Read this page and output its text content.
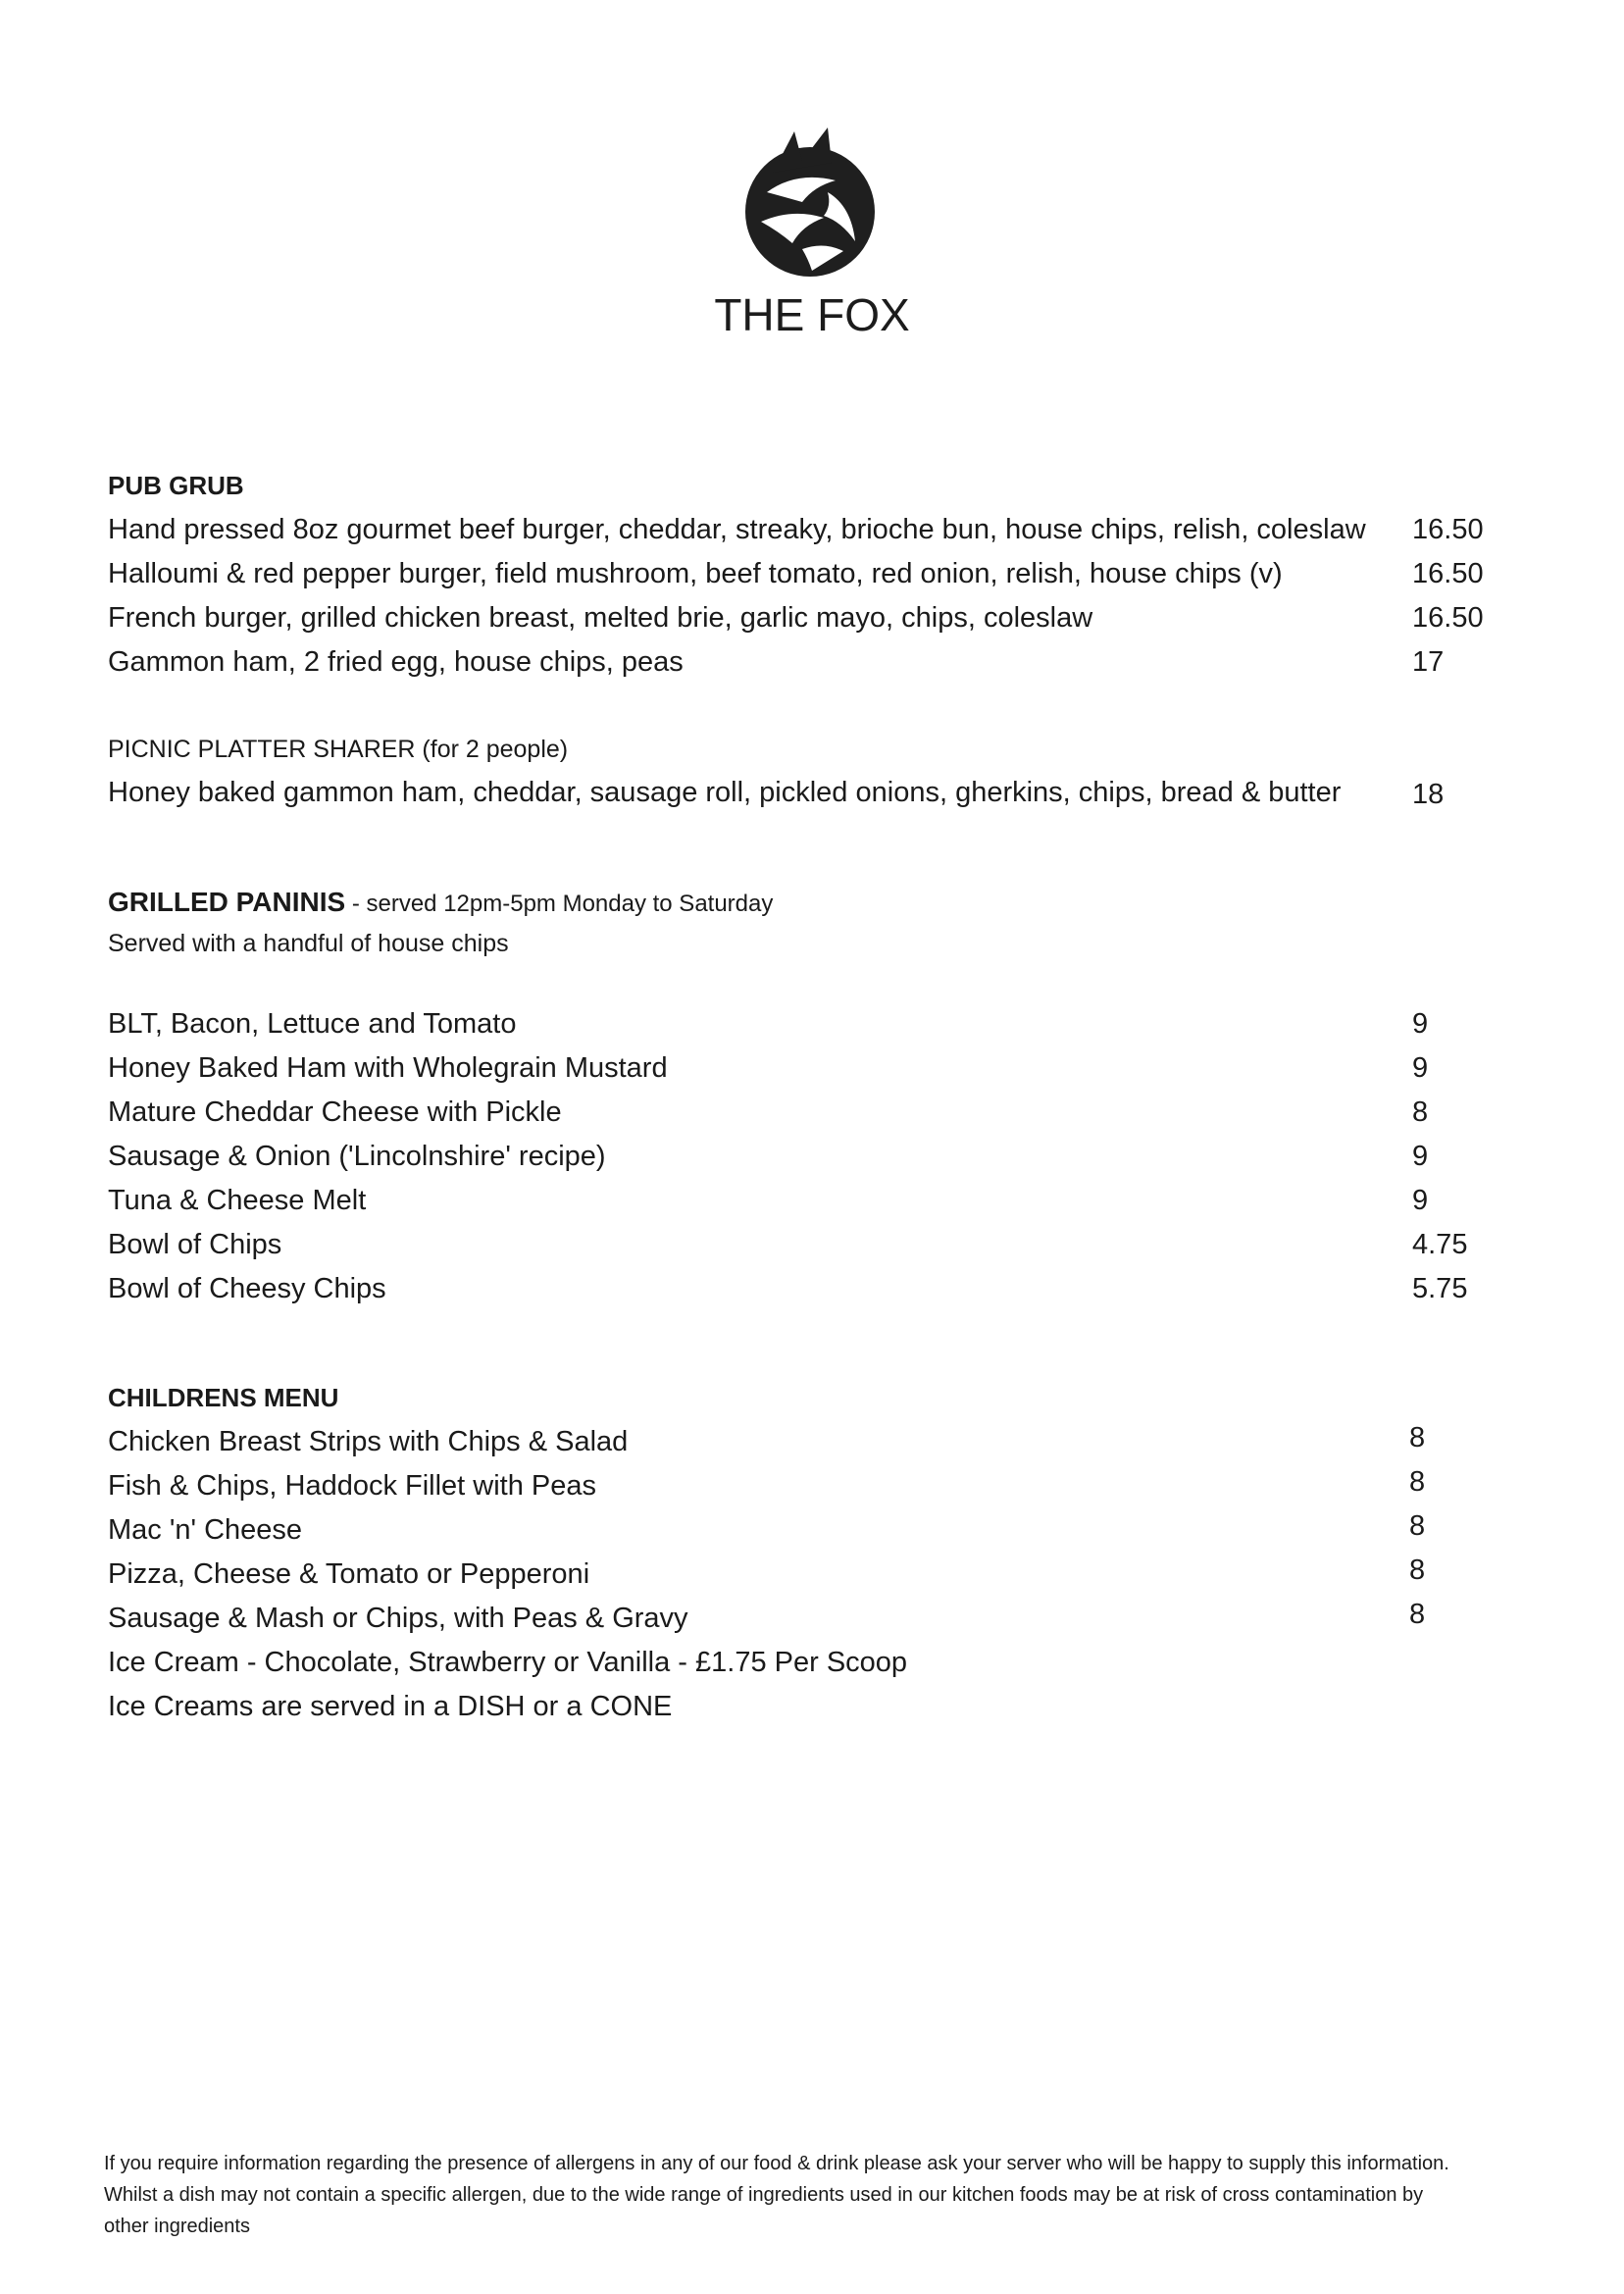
THE FOX
PUB GRUB
Hand pressed 8oz gourmet beef burger, cheddar, streaky, brioche bun, house chips, relish, coleslaw 16.50
Halloumi & red pepper burger, field mushroom, beef tomato, red onion, relish, house chips (v)	16.50
French burger, grilled chicken breast, melted brie, garlic mayo, chips, coleslaw	16.50
Gammon ham, 2 fried egg, house chips, peas	17
PICNIC PLATTER SHARER (for 2 people)
Honey baked gammon ham, cheddar, sausage roll, pickled onions, gherkins, chips, bread & butter	18
GRILLED PANINIS - served 12pm-5pm Monday to Saturday
Served with a handful of house chips
BLT, Bacon, Lettuce and Tomato	9
Honey Baked Ham with Wholegrain Mustard	9
Mature Cheddar Cheese with Pickle	8
Sausage & Onion ('Lincolnshire' recipe)	9
Tuna & Cheese Melt	9
Bowl of Chips	4.75
Bowl of Cheesy Chips	5.75
CHILDRENS MENU
Chicken Breast Strips with Chips & Salad	8
Fish & Chips, Haddock Fillet with Peas	8
Mac 'n' Cheese	8
Pizza, Cheese & Tomato or Pepperoni	8
Sausage & Mash or Chips, with Peas & Gravy	8
Ice Cream - Chocolate, Strawberry or Vanilla - £1.75 Per Scoop
Ice Creams are served in a DISH or a CONE
If you require information regarding the presence of allergens in any of our food & drink please ask your server who will be happy to supply this information.
Whilst a dish may not contain a specific allergen, due to the wide range of ingredients used in our kitchen foods may be at risk of cross contamination by
other ingredients
